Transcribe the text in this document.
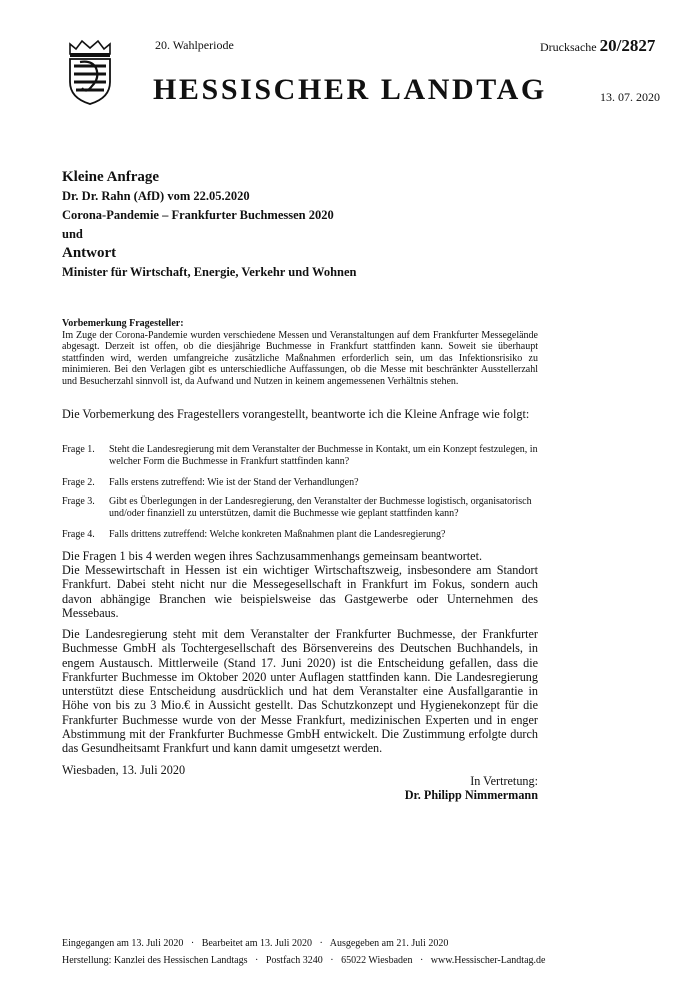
20. Wahlperiode	Drucksache 20/2827
HESSISCHER LANDTAG	13. 07. 2020
Kleine Anfrage
Dr. Dr. Rahn (AfD) vom 22.05.2020
Corona-Pandemie – Frankfurter Buchmessen 2020
und
Antwort
Minister für Wirtschaft, Energie, Verkehr und Wohnen
Vorbemerkung Fragesteller:
Im Zuge der Corona-Pandemie wurden verschiedene Messen und Veranstaltungen auf dem Frankfurter Messegelände abgesagt. Derzeit ist offen, ob die diesjährige Buchmesse in Frankfurt stattfinden kann. Soweit sie überhaupt stattfinden wird, werden umfangreiche zusätzliche Maßnahmen erforderlich sein, um das Infektionsrisiko zu minimieren. Bei den Verlagen gibt es unterschiedliche Auffassungen, ob die Messe mit beschränkter Ausstellerzahl und Besucherzahl sinnvoll ist, da Aufwand und Nutzen in keinem angemessenen Verhältnis stehen.
Die Vorbemerkung des Fragestellers vorangestellt, beantworte ich die Kleine Anfrage wie folgt:
Frage 1. Steht die Landesregierung mit dem Veranstalter der Buchmesse in Kontakt, um ein Konzept festzulegen, in welcher Form die Buchmesse in Frankfurt stattfinden kann?
Frage 2. Falls erstens zutreffend: Wie ist der Stand der Verhandlungen?
Frage 3. Gibt es Überlegungen in der Landesregierung, den Veranstalter der Buchmesse logistisch, organisatorisch und/oder finanziell zu unterstützen, damit die Buchmesse wie geplant stattfinden kann?
Frage 4. Falls drittens zutreffend: Welche konkreten Maßnahmen plant die Landesregierung?
Die Fragen 1 bis 4 werden wegen ihres Sachzusammenhangs gemeinsam beantwortet.
Die Messewirtschaft in Hessen ist ein wichtiger Wirtschaftszweig, insbesondere am Standort Frankfurt. Dabei steht nicht nur die Messegesellschaft in Frankfurt im Fokus, sondern auch davon abhängige Branchen wie beispielsweise das Gastgewerbe oder Unternehmen des Messebaus.
Die Landesregierung steht mit dem Veranstalter der Frankfurter Buchmesse, der Frankfurter Buchmesse GmbH als Tochtergesellschaft des Börsenvereins des Deutschen Buchhandels, in engem Austausch. Mittlerweile (Stand 17. Juni 2020) ist die Entscheidung gefallen, dass die Frankfurter Buchmesse im Oktober 2020 unter Auflagen stattfinden kann. Die Landesregierung unterstützt diese Entscheidung ausdrücklich und hat dem Veranstalter eine Ausfallgarantie in Höhe von bis zu 3 Mio.€ in Aussicht gestellt. Das Schutzkonzept und Hygienekonzept für die Frankfurter Buchmesse wurde von der Messe Frankfurt, medizinischen Experten und in enger Abstimmung mit der Frankfurter Buchmesse GmbH entwickelt. Die Zustimmung erfolgte durch das Gesundheitsamt Frankfurt und kann damit umgesetzt werden.
Wiesbaden, 13. Juli 2020
In Vertretung:
Dr. Philipp Nimmermann
Eingegangen am 13. Juli 2020   ·   Bearbeitet am 13. Juli 2020   ·   Ausgegeben am 21. Juli 2020
Herstellung: Kanzlei des Hessischen Landtags   ·   Postfach 3240   ·   65022 Wiesbaden   ·   www.Hessischer-Landtag.de
